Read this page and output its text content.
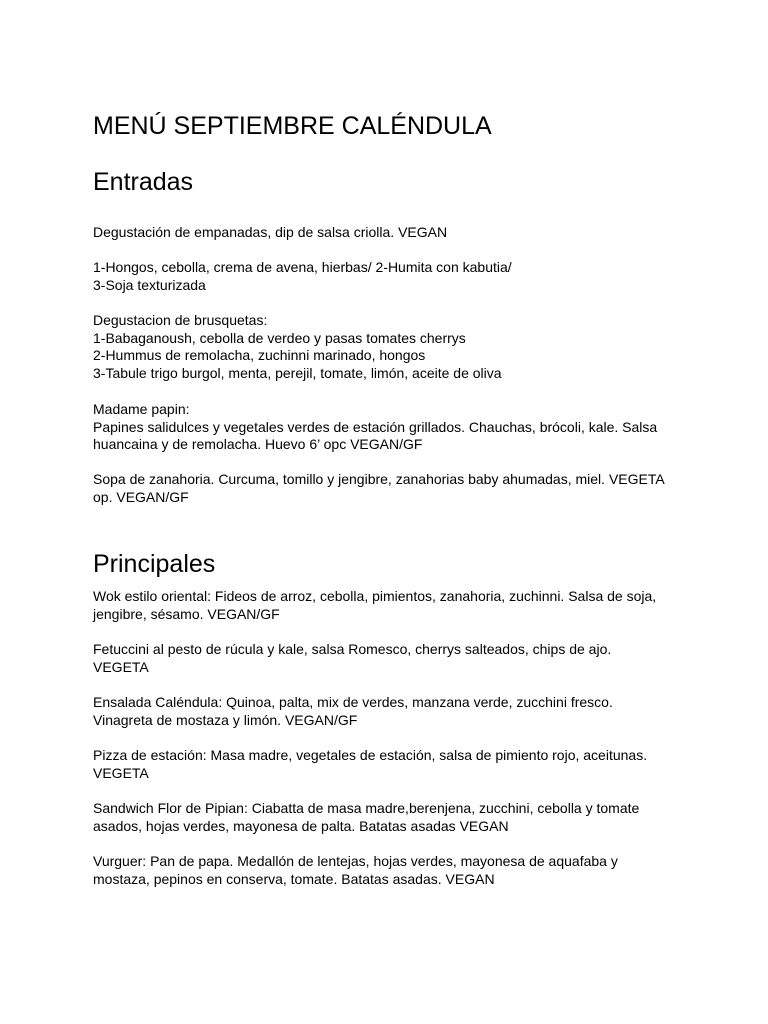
MENÚ SEPTIEMBRE CALÉNDULA
Entradas
Degustación de empanadas, dip de salsa criolla. VEGAN
1-Hongos, cebolla, crema de avena, hierbas/ 2-Humita con kabutia/
3-Soja texturizada
Degustacion de brusquetas:
1-Babaganoush, cebolla de verdeo y pasas tomates cherrys
2-Hummus de remolacha, zuchinni marinado, hongos
3-Tabule trigo burgol, menta, perejil, tomate, limón, aceite de oliva
Madame papin:
Papines salidulces y vegetales verdes de estación grillados. Chauchas, brócoli, kale. Salsa
huancaina y de remolacha. Huevo 6’ opc VEGAN/GF
Sopa de zanahoria. Curcuma, tomillo y jengibre, zanahorias baby ahumadas, miel. VEGETA
op. VEGAN/GF
Principales
Wok estilo oriental: Fideos de arroz, cebolla, pimientos, zanahoria, zuchinni. Salsa de soja,
jengibre, sésamo. VEGAN/GF
Fetuccini al pesto de rúcula y kale, salsa Romesco, cherrys salteados, chips de ajo.
VEGETA
Ensalada Caléndula: Quinoa, palta, mix de verdes, manzana verde, zucchini fresco.
Vinagreta de mostaza y limón. VEGAN/GF
Pizza de estación: Masa madre, vegetales de estación, salsa de pimiento rojo, aceitunas.
VEGETA
Sandwich Flor de Pipian: Ciabatta de masa madre,berenjena, zucchini, cebolla y tomate
asados, hojas verdes, mayonesa de palta. Batatas asadas VEGAN
Vurguer: Pan de papa. Medallón de lentejas, hojas verdes, mayonesa de aquafaba y
mostaza, pepinos en conserva, tomate. Batatas asadas. VEGAN
